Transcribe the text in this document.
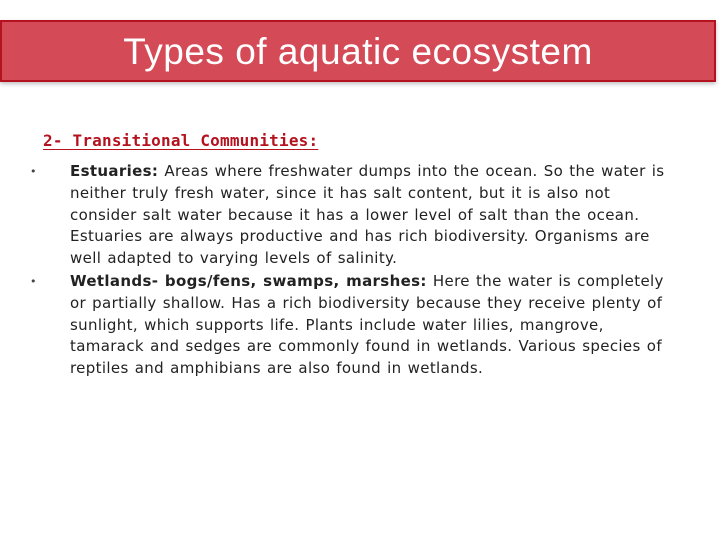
Types of aquatic ecosystem
2- Transitional Communities:
• Estuaries: Areas where freshwater dumps into the ocean. So the water is neither truly fresh water, since it has salt content, but it is also not consider salt water because it has a lower level of salt than the ocean. Estuaries are always productive and has rich biodiversity. Organisms are well adapted to varying levels of salinity.
• Wetlands- bogs/fens, swamps, marshes: Here the water is completely or partially shallow. Has a rich biodiversity because they receive plenty of sunlight, which supports life. Plants include water lilies, mangrove, tamarack and sedges are commonly found in wetlands. Various species of reptiles and amphibians are also found in wetlands.
